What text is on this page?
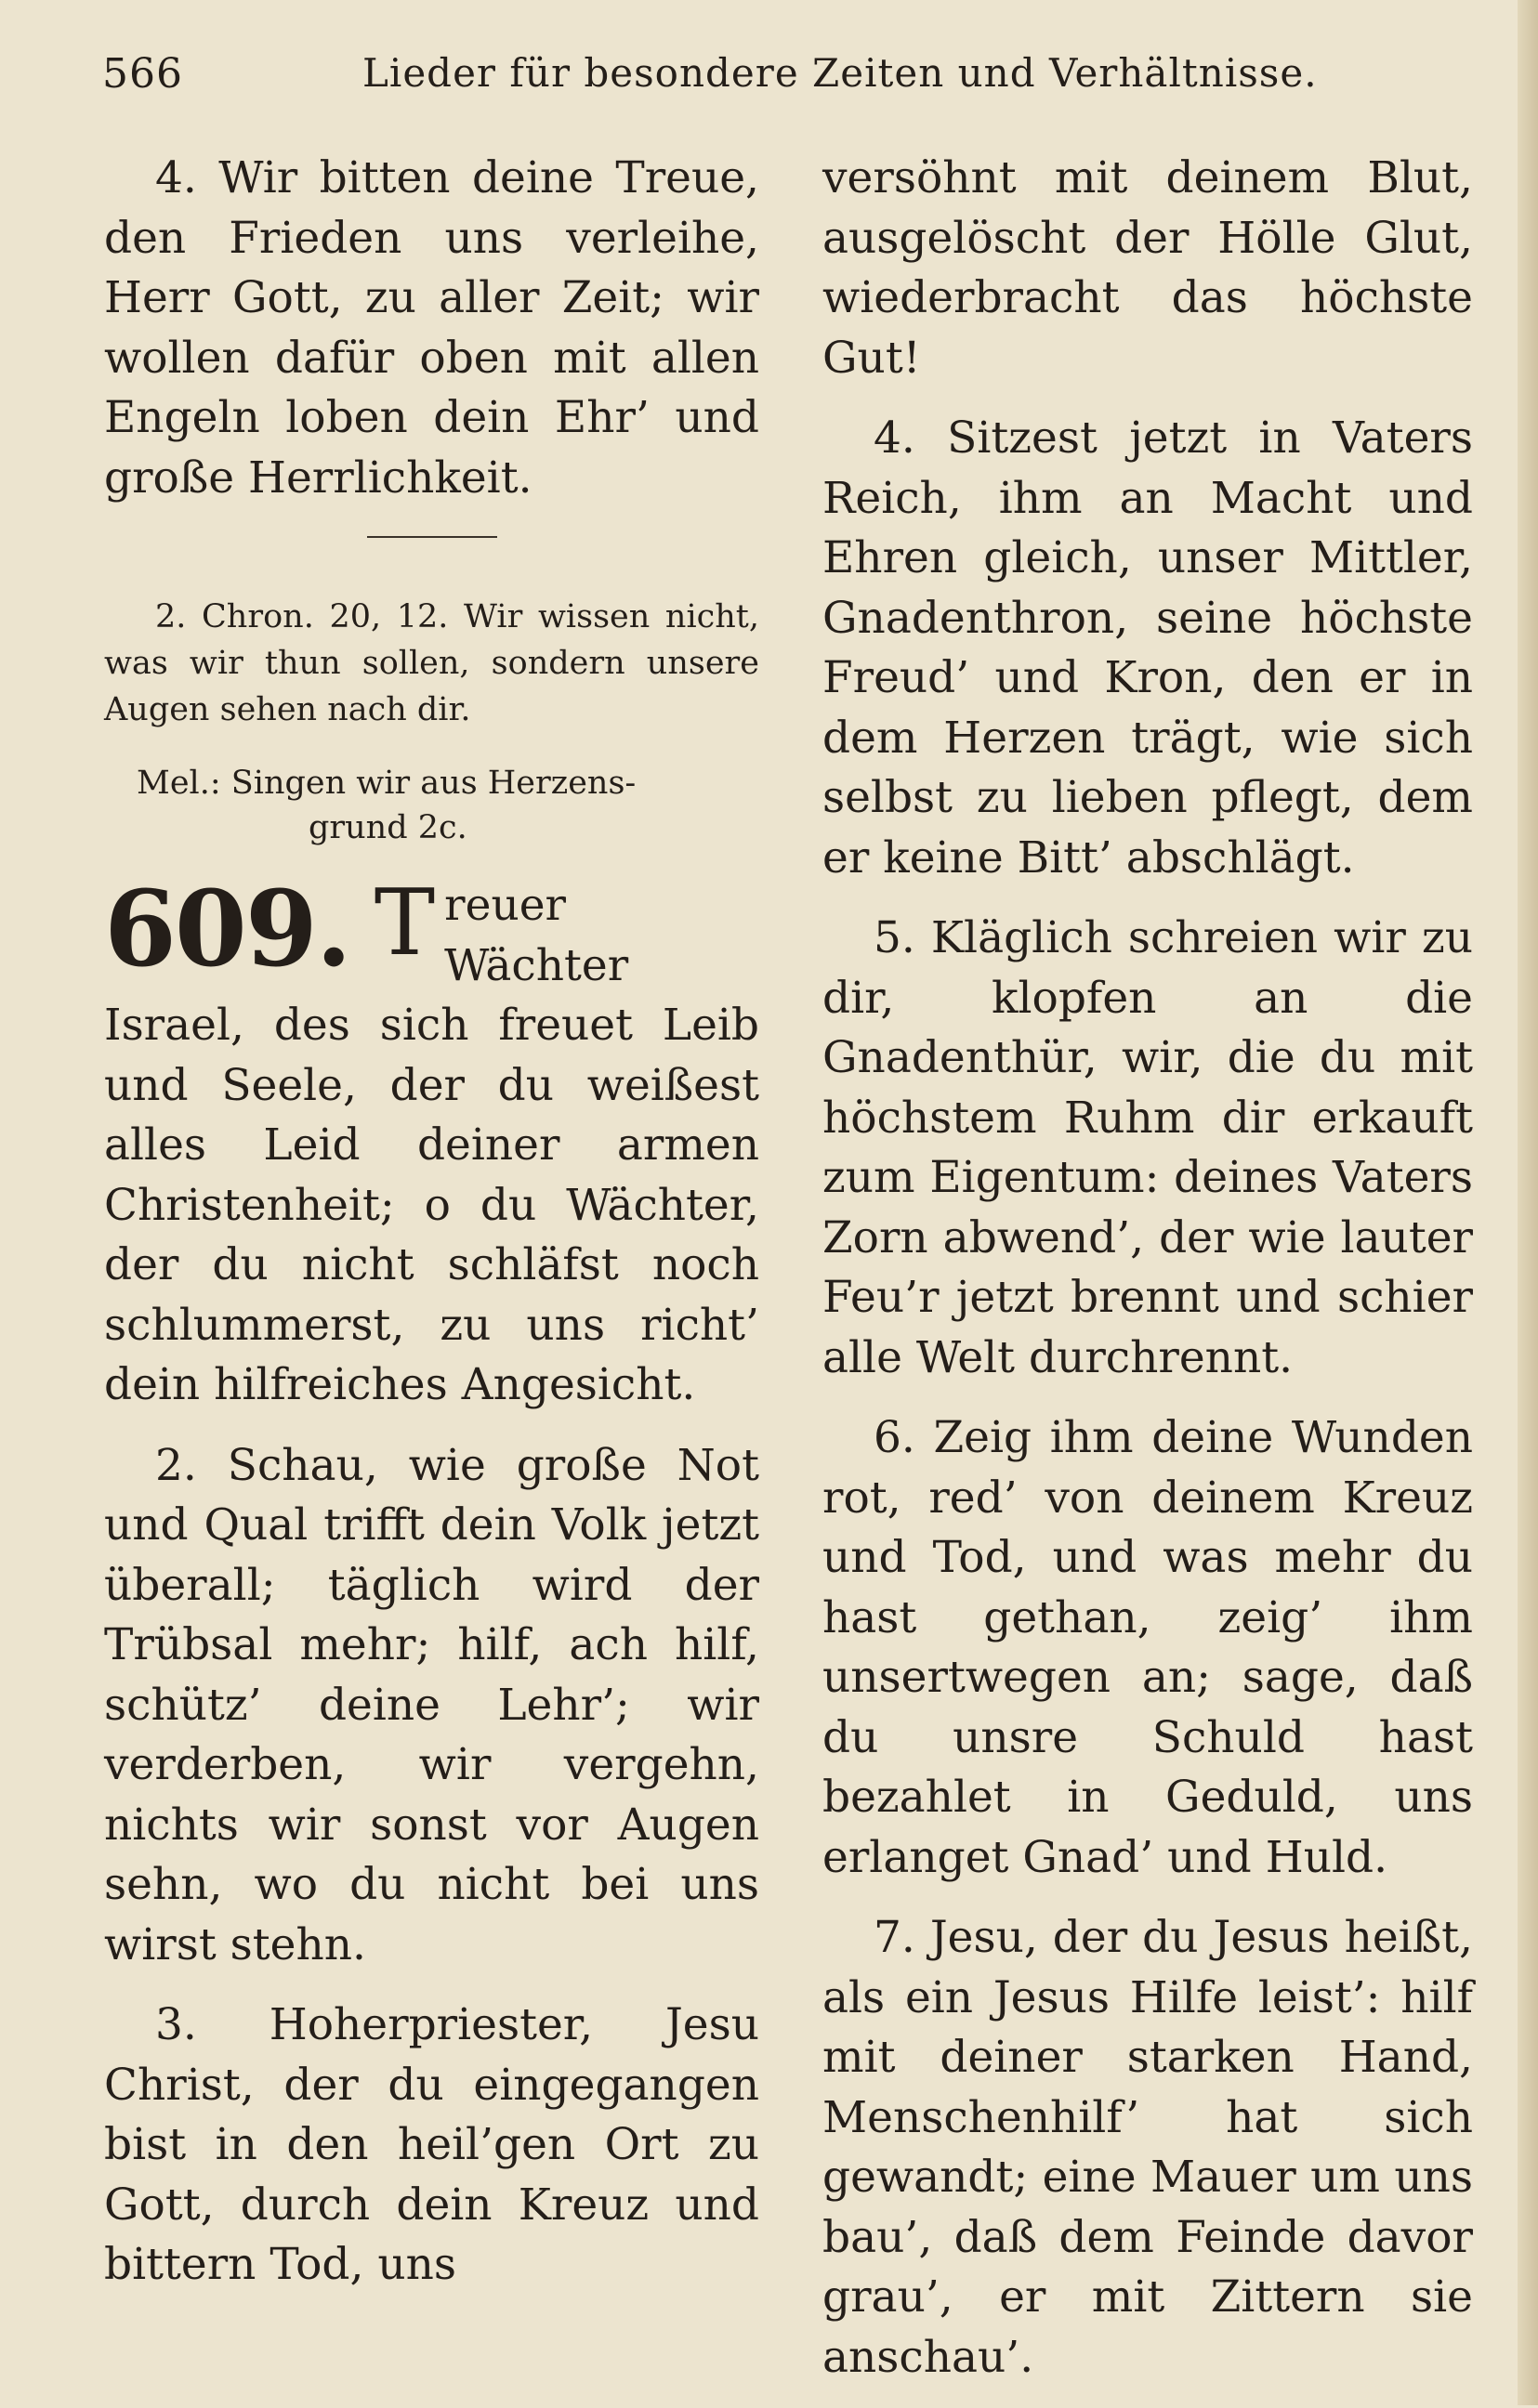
566	Lieder für besondere Zeiten und Verhältnisse.

4. Wir bitten deine Treue, den Frieden uns verleihe, Herr Gott, zu aller Zeit; wir wollen dafür oben mit allen Engeln loben dein Ehr’ und große Herrlichkeit.

2. Chron. 20, 12. Wir wissen nicht, was wir thun sollen, sondern unsere Augen sehen nach dir.

Mel.: Singen wir aus Herzens-
grund 2c.

609. T reuer Wächter Israel, des sich freuet Leib und Seele, der du weißest alles Leid deiner armen Christenheit; o du Wächter, der du nicht schläfst noch schlummerst, zu uns richt’ dein hilfreiches Angesicht.

2. Schau, wie große Not und Qual trifft dein Volk jetzt überall; täglich wird der Trübsal mehr; hilf, ach hilf, schütz’ deine Lehr’; wir verderben, wir vergehn, nichts wir sonst vor Augen sehn, wo du nicht bei uns wirst stehn.

3. Hoherpriester, Jesu Christ, der du eingegangen bist in den heil’gen Ort zu Gott, durch dein Kreuz und bittern Tod, uns

versöhnt mit deinem Blut, ausgelöscht der Hölle Glut, wiederbracht das höchste Gut!

4. Sitzest jetzt in Vaters Reich, ihm an Macht und Ehren gleich, unser Mittler, Gnadenthron, seine höchste Freud’ und Kron, den er in dem Herzen trägt, wie sich selbst zu lieben pflegt, dem er keine Bitt’ abschlägt.

5. Kläglich schreien wir zu dir, klopfen an die Gnadenthür, wir, die du mit höchstem Ruhm dir erkauft zum Eigentum: deines Vaters Zorn abwend’, der wie lauter Feu’r jetzt brennt und schier alle Welt durchrennt.

6. Zeig ihm deine Wunden rot, red’ von deinem Kreuz und Tod, und was mehr du hast gethan, zeig’ ihm unsertwegen an; sage, daß du unsre Schuld hast bezahlet in Geduld, uns erlanget Gnad’ und Huld.

7. Jesu, der du Jesus heißt, als ein Jesus Hilfe leist’: hilf mit deiner starken Hand, Menschenhilf’ hat sich gewandt; eine Mauer um uns bau’, daß dem Feinde davor grau’, er mit Zittern sie anschau’.
